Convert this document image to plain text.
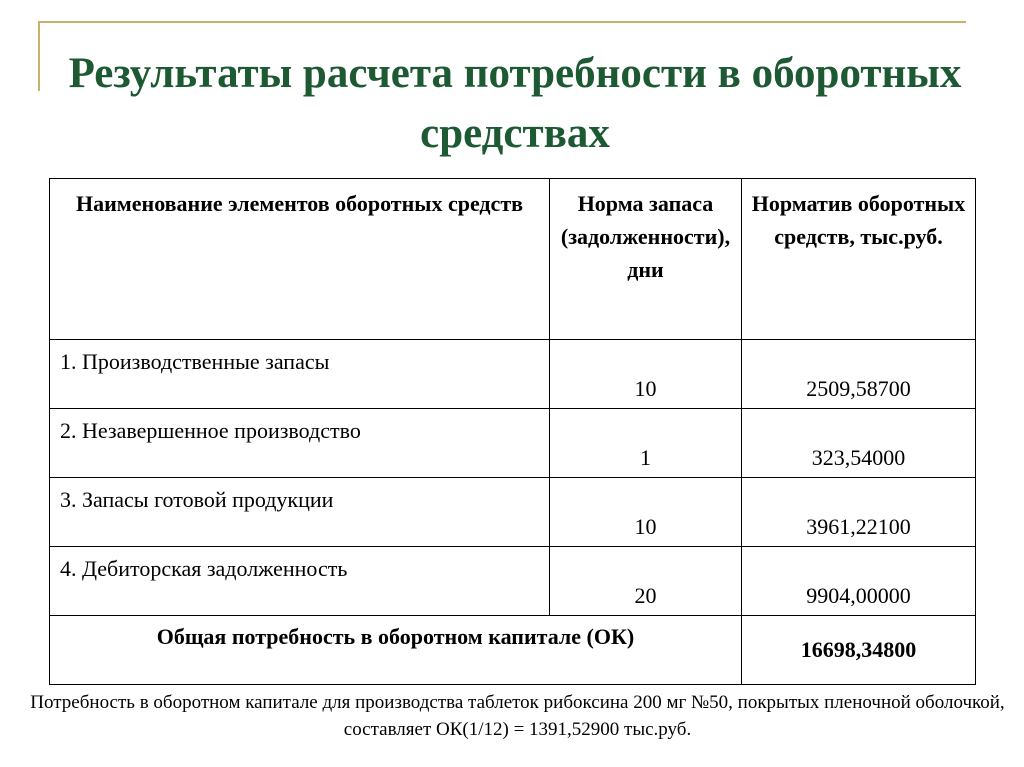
Результаты расчета потребности в оборотных средствах
Наименование элементов оборотных средств	Норма запаса (задолженности), дни	Норматив оборотных средств, тыс.руб.
1. Производственные запасы	10	2509,58700
2. Незавершенное производство	1	323,54000
3. Запасы готовой продукции	10	3961,22100
4. Дебиторская задолженность	20	9904,00000
Общая потребность в оборотном капитале (ОК)		16698,34800

Потребность в оборотном капитале для производства таблеток рибоксина 200 мг №50, покрытых пленочной оболочкой, составляет ОК(1/12) = 1391,52900 тыс.руб.
